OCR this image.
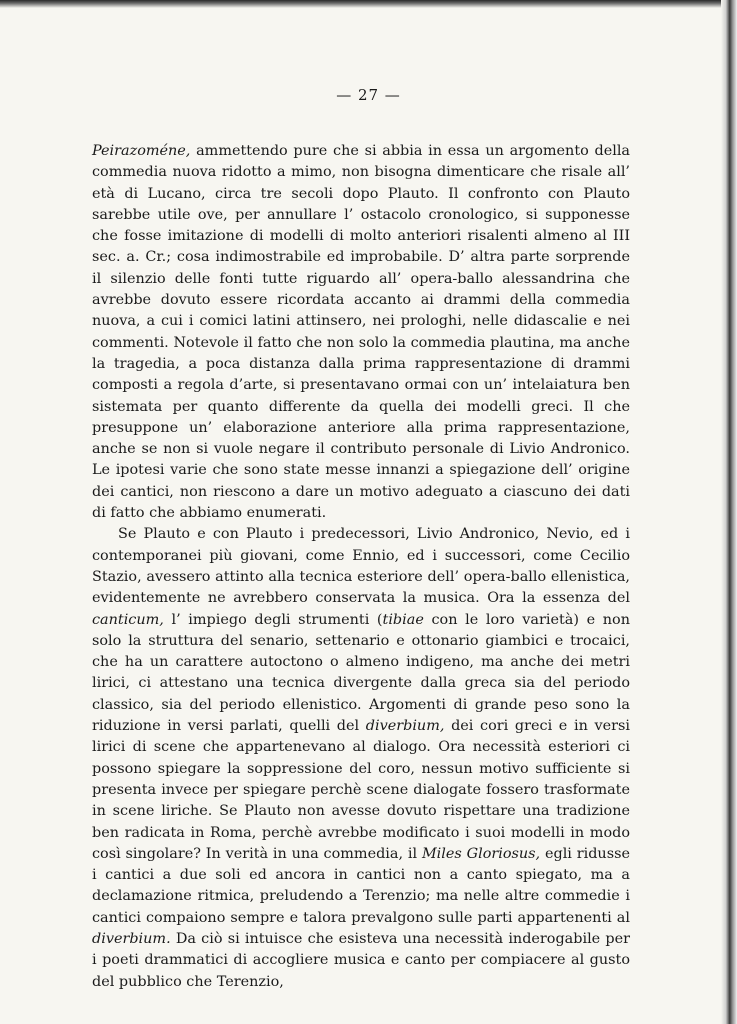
— 27 —

Peirazoméne, ammettendo pure che si abbia in essa un argomento della commedia nuova ridotto a mimo, non bisogna dimenticare che risale all’ età di Lucano, circa tre secoli dopo Plauto. Il confronto con Plauto sarebbe utile ove, per annullare l’ ostacolo cronologico, si supponesse che fosse imitazione di modelli di molto anteriori risalenti almeno al III sec. a. Cr.; cosa indimostrabile ed improbabile. D’ altra parte sorprende il silenzio delle fonti tutte riguardo all’ opera-ballo alessandrina che avrebbe dovuto essere ricordata accanto ai drammi della commedia nuova, a cui i comici latini attinsero, nei prologhi, nelle didascalie e nei commenti. Notevole il fatto che non solo la commedia plautina, ma anche la tragedia, a poca distanza dalla prima rappresentazione di drammi composti a regola d’arte, si presentavano ormai con un’ intelaiatura ben sistemata per quanto differente da quella dei modelli greci. Il che presuppone un’ elaborazione anteriore alla prima rappresentazione, anche se non si vuole negare il contributo personale di Livio Andronico. Le ipotesi varie che sono state messe innanzi a spiegazione dell’ origine dei cantici, non riescono a dare un motivo adeguato a ciascuno dei dati di fatto che abbiamo enumerati.

Se Plauto e con Plauto i predecessori, Livio Andronico, Nevio, ed i contemporanei più giovani, come Ennio, ed i successori, come Cecilio Stazio, avessero attinto alla tecnica esteriore dell’ opera-ballo ellenistica, evidentemente ne avrebbero conservata la musica. Ora la essenza del canticum, l’ impiego degli strumenti (tibiae con le loro varietà) e non solo la struttura del senario, settenario e ottonario giambici e trocaici, che ha un carattere autoctono o almeno indigeno, ma anche dei metri lirici, ci attestano una tecnica divergente dalla greca sia del periodo classico, sia del periodo ellenistico. Argomenti di grande peso sono la riduzione in versi parlati, quelli del diverbium, dei cori greci e in versi lirici di scene che appartenevano al dialogo. Ora necessità esteriori ci possono spiegare la soppressione del coro, nessun motivo sufficiente si presenta invece per spiegare perchè scene dialogate fossero trasformate in scene liriche. Se Plauto non avesse dovuto rispettare una tradizione ben radicata in Roma, perchè avrebbe modificato i suoi modelli in modo così singolare? In verità in una commedia, il Miles Gloriosus, egli ridusse i cantici a due soli ed ancora in cantici non a canto spiegato, ma a declamazione ritmica, preludendo a Terenzio; ma nelle altre commedie i cantici compaiono sempre e talora prevalgono sulle parti appartenenti al diverbium. Da ciò si intuisce che esisteva una necessità inderogabile per i poeti drammatici di accogliere musica e canto per compiacere al gusto del pubblico che Terenzio,
